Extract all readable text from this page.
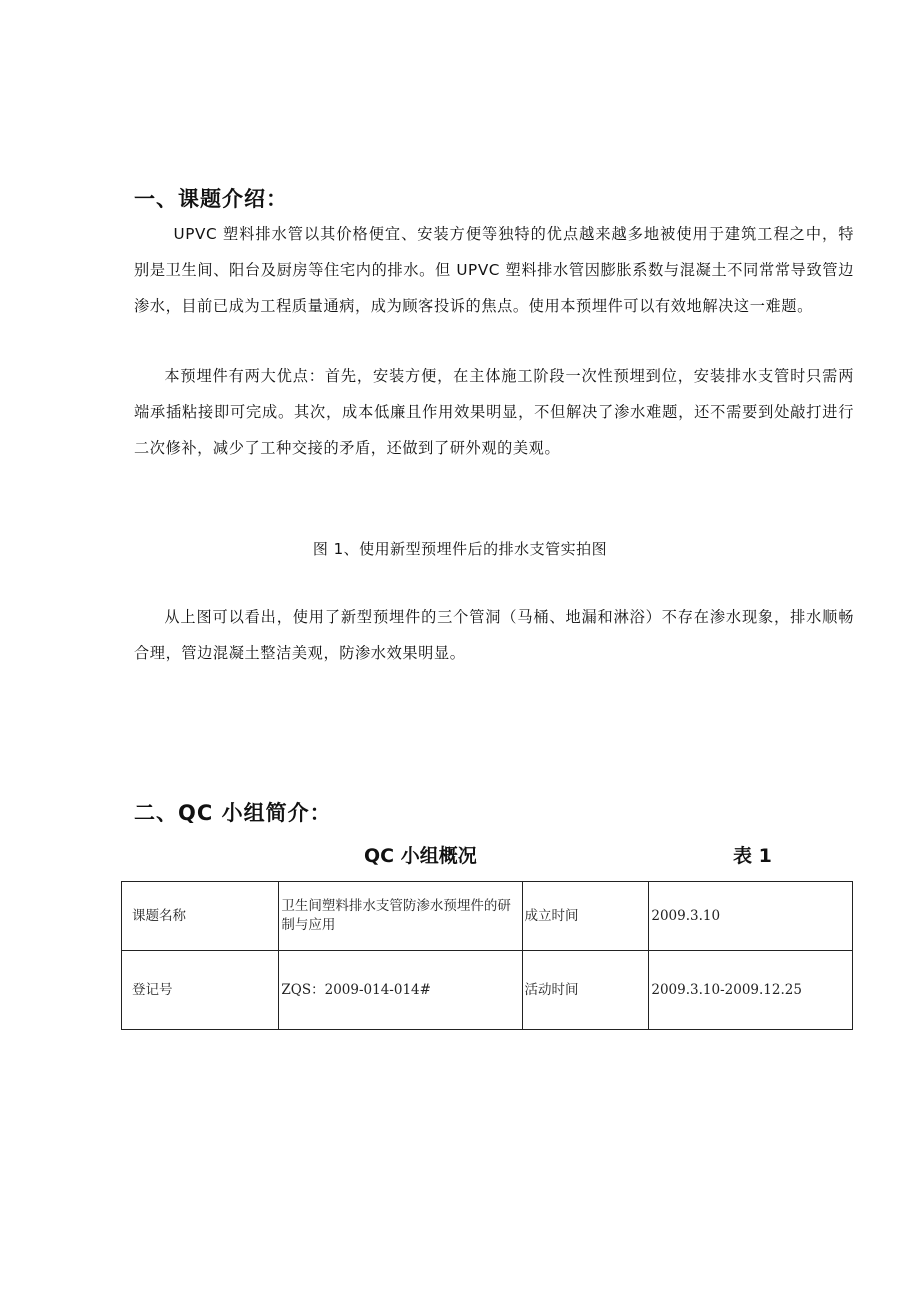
一、课题介绍：
UPVC 塑料排水管以其价格便宜、安装方便等独特的优点越来越多地被使用于建筑工程之中，特别是卫生间、阳台及厨房等住宅内的排水。但 UPVC 塑料排水管因膨胀系数与混凝土不同常常导致管边渗水，目前已成为工程质量通病，成为顾客投诉的焦点。使用本预埋件可以有效地解决这一难题。
本预埋件有两大优点：首先，安装方便，在主体施工阶段一次性预埋到位，安装排水支管时只需两端承插粘接即可完成。其次，成本低廉且作用效果明显，不但解决了渗水难题，还不需要到处敲打进行二次修补，减少了工种交接的矛盾，还做到了研外观的美观。
图 1、使用新型预埋件后的排水支管实拍图
从上图可以看出，使用了新型预埋件的三个管洞（马桶、地漏和淋浴）不存在渗水现象，排水顺畅合理，管边混凝土整洁美观，防渗水效果明显。
二、QC 小组简介：
QC 小组概况	表 1
课题名称	卫生间塑料排水支管防渗水预埋件的研制与应用	成立时间	2009.3.10
登记号	ZQS：2009-014-014#	活动时间	2009.3.10-2009.12.25
